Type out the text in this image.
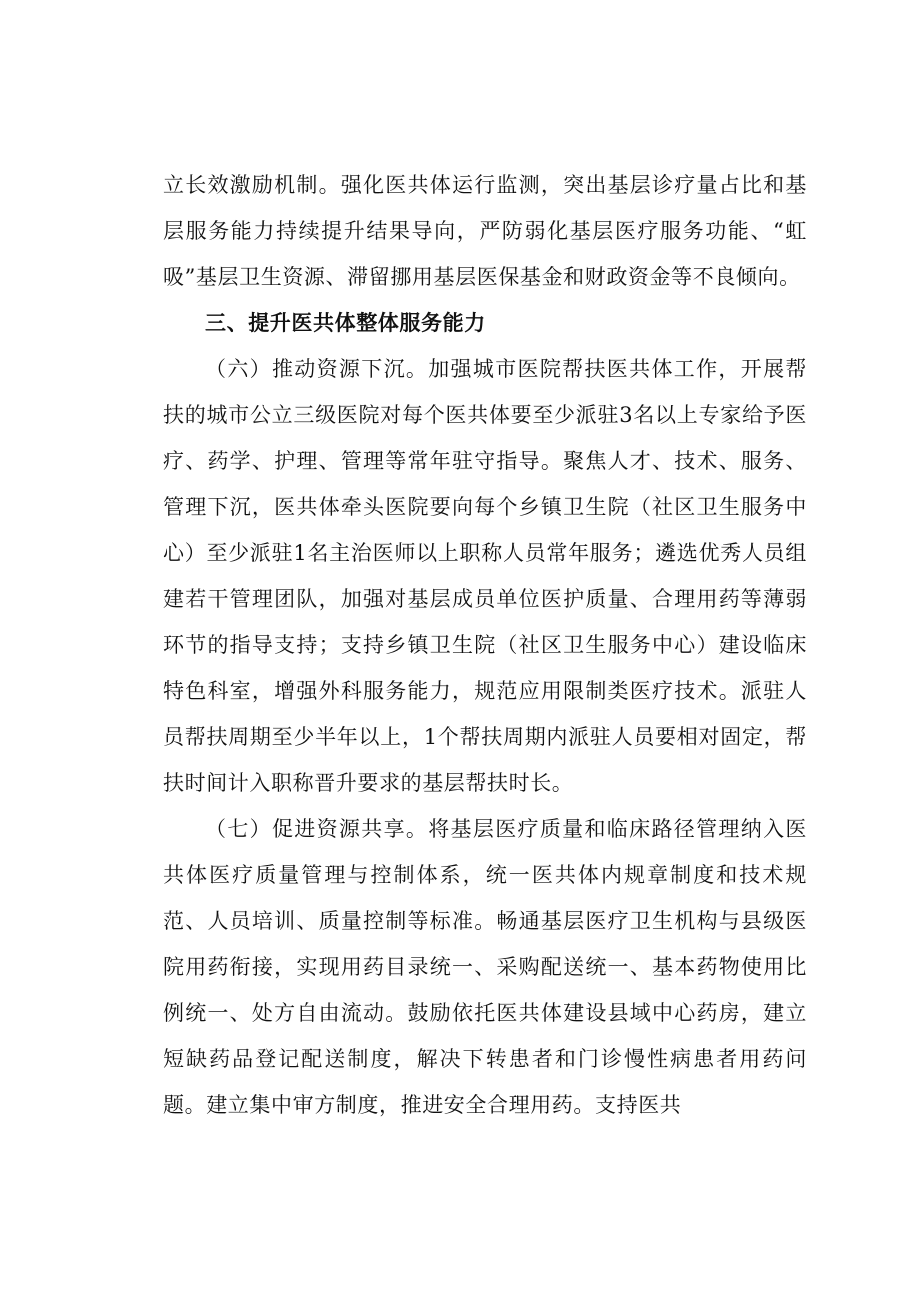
立长效激励机制。强化医共体运行监测，突出基层诊疗量占比和基层服务能力持续提升结果导向，严防弱化基层医疗服务功能、“虹吸”基层卫生资源、滞留挪用基层医保基金和财政资金等不良倾向。

三、提升医共体整体服务能力

（六）推动资源下沉。加强城市医院帮扶医共体工作，开展帮扶的城市公立三级医院对每个医共体要至少派驻3名以上专家给予医疗、药学、护理、管理等常年驻守指导。聚焦人才、技术、服务、管理下沉，医共体牵头医院要向每个乡镇卫生院（社区卫生服务中心）至少派驻1名主治医师以上职称人员常年服务；遴选优秀人员组建若干管理团队，加强对基层成员单位医护质量、合理用药等薄弱环节的指导支持；支持乡镇卫生院（社区卫生服务中心）建设临床特色科室，增强外科服务能力，规范应用限制类医疗技术。派驻人员帮扶周期至少半年以上，1个帮扶周期内派驻人员要相对固定，帮扶时间计入职称晋升要求的基层帮扶时长。

（七）促进资源共享。将基层医疗质量和临床路径管理纳入医共体医疗质量管理与控制体系，统一医共体内规章制度和技术规范、人员培训、质量控制等标准。畅通基层医疗卫生机构与县级医院用药衔接，实现用药目录统一、采购配送统一、基本药物使用比例统一、处方自由流动。鼓励依托医共体建设县域中心药房，建立短缺药品登记配送制度，解决下转患者和门诊慢性病患者用药问题。建立集中审方制度，推进安全合理用药。支持医共
